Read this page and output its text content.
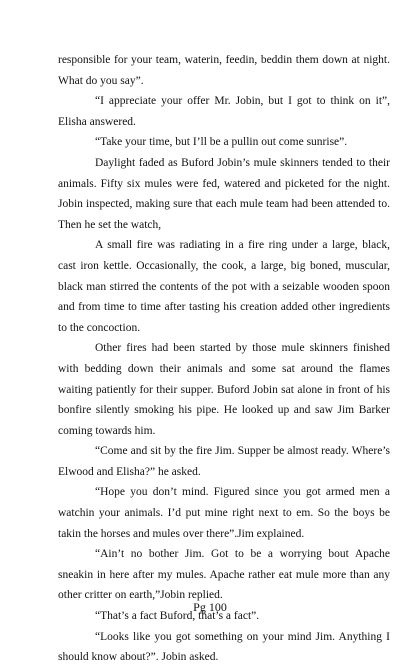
responsible for your team, waterin, feedin, beddin them down at night. What do you say”.

“I appreciate your offer Mr. Jobin, but I got to think on it”, Elisha answered.

“Take your time, but I’ll be a pullin out come sunrise”.

Daylight faded as Buford Jobin’s mule skinners tended to their animals. Fifty six mules were fed, watered and picketed for the night. Jobin inspected, making sure that each mule team had been attended to. Then he set the watch,

A small fire was radiating in a fire ring under a large, black, cast iron kettle. Occasionally, the cook, a large, big boned, muscular, black man stirred the contents of the pot with a seizable wooden spoon and from time to time after tasting his creation added other ingredients to the concoction.

Other fires had been started by those mule skinners finished with bedding down their animals and some sat around the flames waiting patiently for their supper. Buford Jobin sat alone in front of his bonfire silently smoking his pipe. He looked up and saw Jim Barker coming towards him.

“Come and sit by the fire Jim. Supper be almost ready. Where’s Elwood and Elisha?” he asked.

“Hope you don’t mind. Figured since you got armed men a watchin your animals. I’d put mine right next to em. So the boys be takin the horses and mules over there”.Jim explained.

“Ain’t no bother Jim. Got to be a worrying bout Apache sneakin in here after my mules. Apache rather eat mule more than any other critter on earth,”Jobin replied.

“That’s a fact Buford, that’s a fact”.

“Looks like you got something on your mind Jim. Anything I should know about?”. Jobin asked.

Pg 100
